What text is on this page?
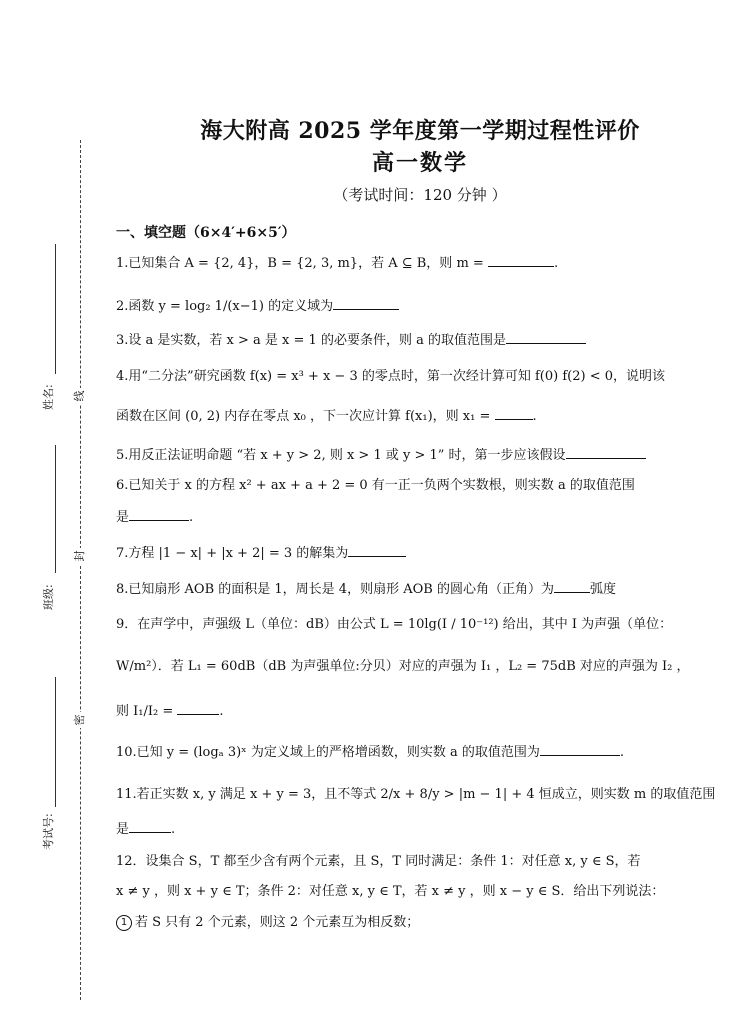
线
封
密
姓名:
班级:
考试号:
海大附高 2025 学年度第一学期过程性评价
高一数学
（考试时间：120 分钟 ）
一、填空题（6×4′+6×5′）
1.已知集合 A = {2, 4}，B = {2, 3, m}，若 A ⊆ B，则 m =	.
2.函数 y = log₂ 1/(x−1) 的定义域为
3.设 a 是实数，若 x > a 是 x = 1 的必要条件，则 a 的取值范围是
4.用“二分法”研究函数 f(x) = x³ + x − 3 的零点时，第一次经计算可知 f(0) f(2) < 0，说明该
函数在区间 (0, 2) 内存在零点 x₀ ，下一次应计算 f(x₁)，则 x₁ =	.
5.用反正法证明命题 “若 x + y > 2, 则 x > 1 或 y > 1” 时，第一步应该假设
6.已知关于 x 的方程 x² + ax + a + 2 = 0 有一正一负两个实数根，则实数 a 的取值范围
是	.
7.方程 |1 − x| + |x + 2| = 3 的解集为
8.已知扇形 AOB 的面积是 1，周长是 4，则扇形 AOB 的圆心角（正角）为	弧度
9．在声学中，声强级 L（单位：dB）由公式 L = 10lg(I / 10⁻¹²) 给出，其中 I 为声强（单位：
W/m²）．若 L₁ = 60dB（dB 为声强单位:分贝）对应的声强为 I₁ ，L₂ = 75dB 对应的声强为 I₂ ，
则 I₁/I₂ =	.
10.已知 y = (logₐ 3)ˣ 为定义域上的严格增函数，则实数 a 的取值范围为	.
11.若正实数 x, y 满足 x + y = 3，且不等式 2/x + 8/y > |m − 1| + 4 恒成立，则实数 m 的取值范围
是	.
12．设集合 S，T 都至少含有两个元素，且 S，T 同时满足：条件 1：对任意 x, y ∈ S，若
x ≠ y ，则 x + y ∈ T；条件 2：对任意 x, y ∈ T，若 x ≠ y ，则 x − y ∈ S．给出下列说法：
1 若 S 只有 2 个元素，则这 2 个元素互为相反数；
